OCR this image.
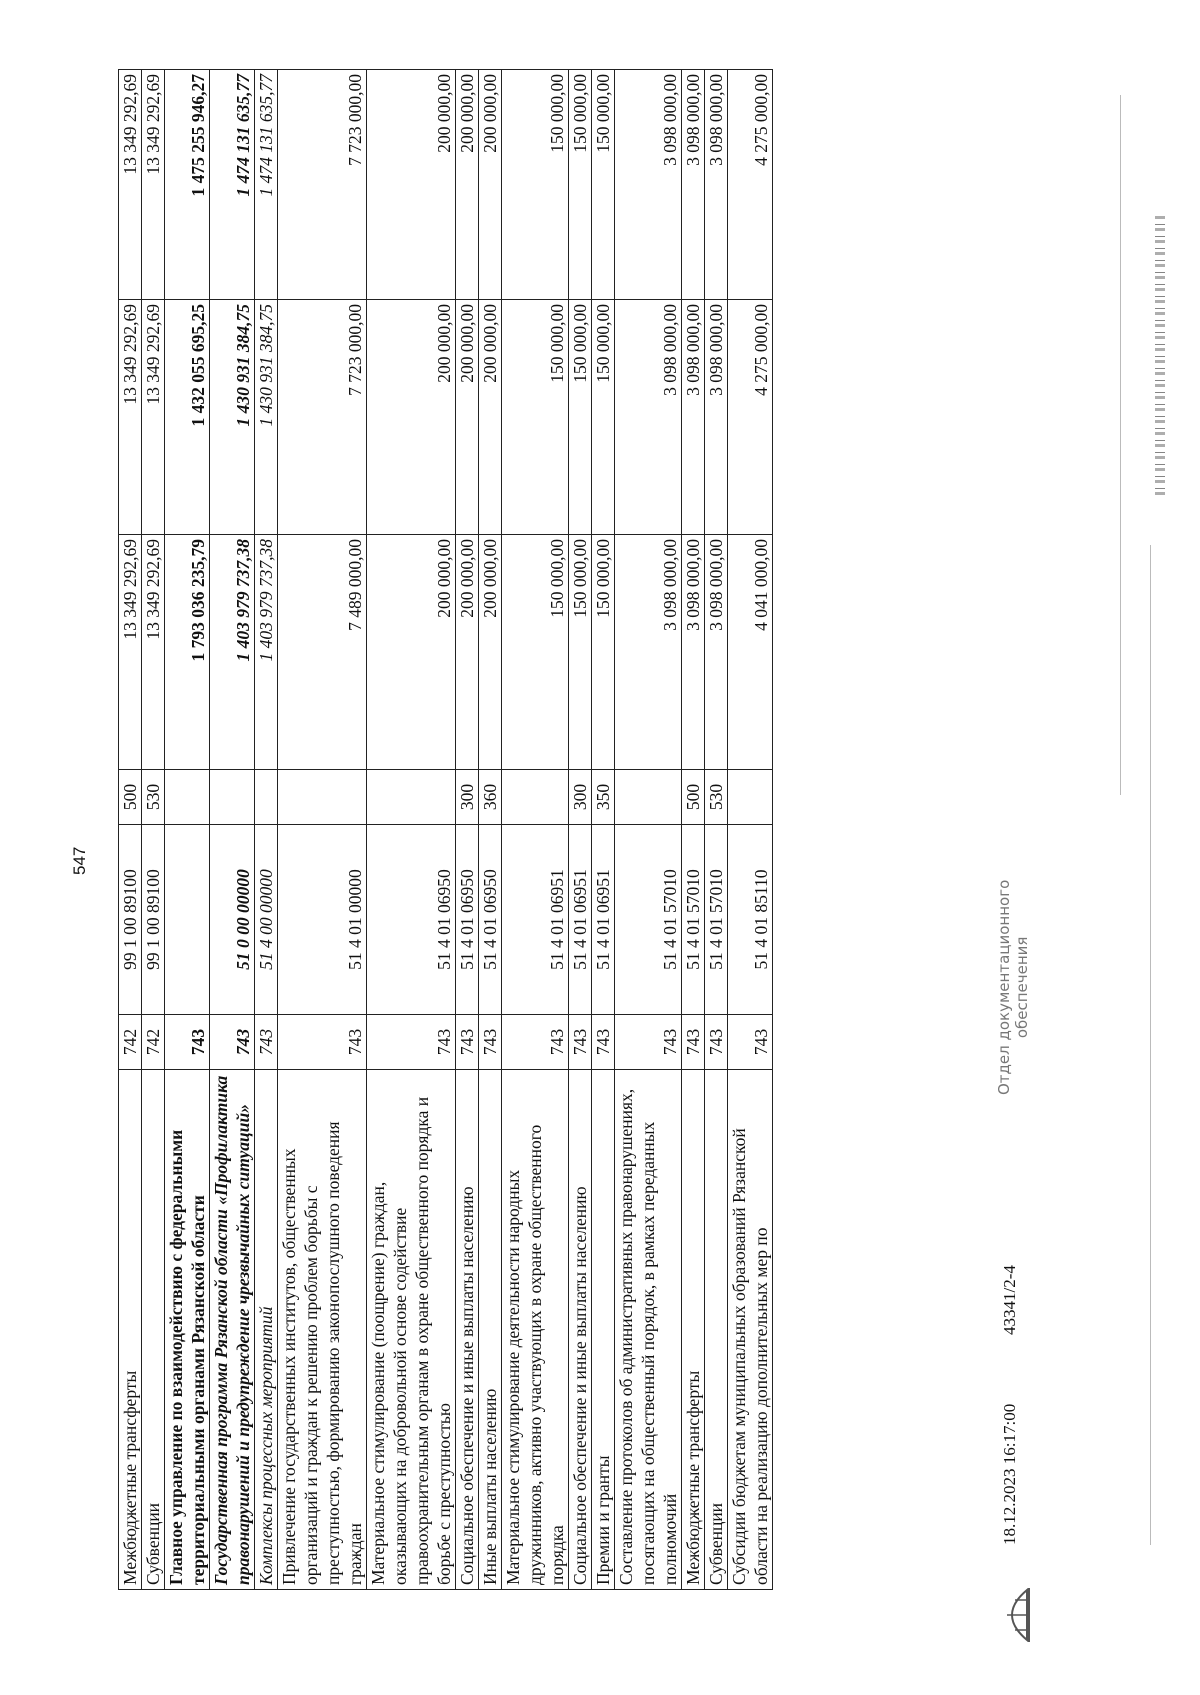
547
Межбюджетные трансферты	742	99 1 00 89100	500	13 349 292,69	13 349 292,69	13 349 292,69
Субвенции	742	99 1 00 89100	530	13 349 292,69	13 349 292,69	13 349 292,69
Главное управление по взаимодействию с федеральными территориальными органами Рязанской области	743			1 793 036 235,79	1 432 055 695,25	1 475 255 946,27
Государственная программа Рязанской области «Профилактика правонарушений и предупреждение чрезвычайных ситуаций»	743	51 0 00 00000		1 403 979 737,38	1 430 931 384,75	1 474 131 635,77
Комплексы процессных мероприятий	743	51 4 00 00000		1 403 979 737,38	1 430 931 384,75	1 474 131 635,77
Привлечение государственных институтов, общественных организаций и граждан к решению проблем борьбы с преступностью, формированию законопослушного поведения граждан	743	51 4 01 00000		7 489 000,00	7 723 000,00	7 723 000,00
Материальное стимулирование (поощрение) граждан, оказывающих на добровольной основе содействие правоохранительным органам в охране общественного порядка и борьбе с преступностью	743	51 4 01 06950		200 000,00	200 000,00	200 000,00
Социальное обеспечение и иные выплаты населению	743	51 4 01 06950	300	200 000,00	200 000,00	200 000,00
Иные выплаты населению	743	51 4 01 06950	360	200 000,00	200 000,00	200 000,00
Материальное стимулирование деятельности народных дружинников, активно участвующих в охране общественного порядка	743	51 4 01 06951		150 000,00	150 000,00	150 000,00
Социальное обеспечение и иные выплаты населению	743	51 4 01 06951	300	150 000,00	150 000,00	150 000,00
Премии и гранты	743	51 4 01 06951	350	150 000,00	150 000,00	150 000,00
Составление протоколов об административных правонарушениях, посягающих на общественный порядок, в рамках переданных полномочий	743	51 4 01 57010		3 098 000,00	3 098 000,00	3 098 000,00
Межбюджетные трансферты	743	51 4 01 57010	500	3 098 000,00	3 098 000,00	3 098 000,00
Субвенции	743	51 4 01 57010	530	3 098 000,00	3 098 000,00	3 098 000,00
Субсидии бюджетам муниципальных образований Рязанской области на реализацию дополнительных мер по	743	51 4 01 85110		4 041 000,00	4 275 000,00	4 275 000,00
18.12.2023 16:17:00
43341/2-4
Отдел документационного обеспечения
